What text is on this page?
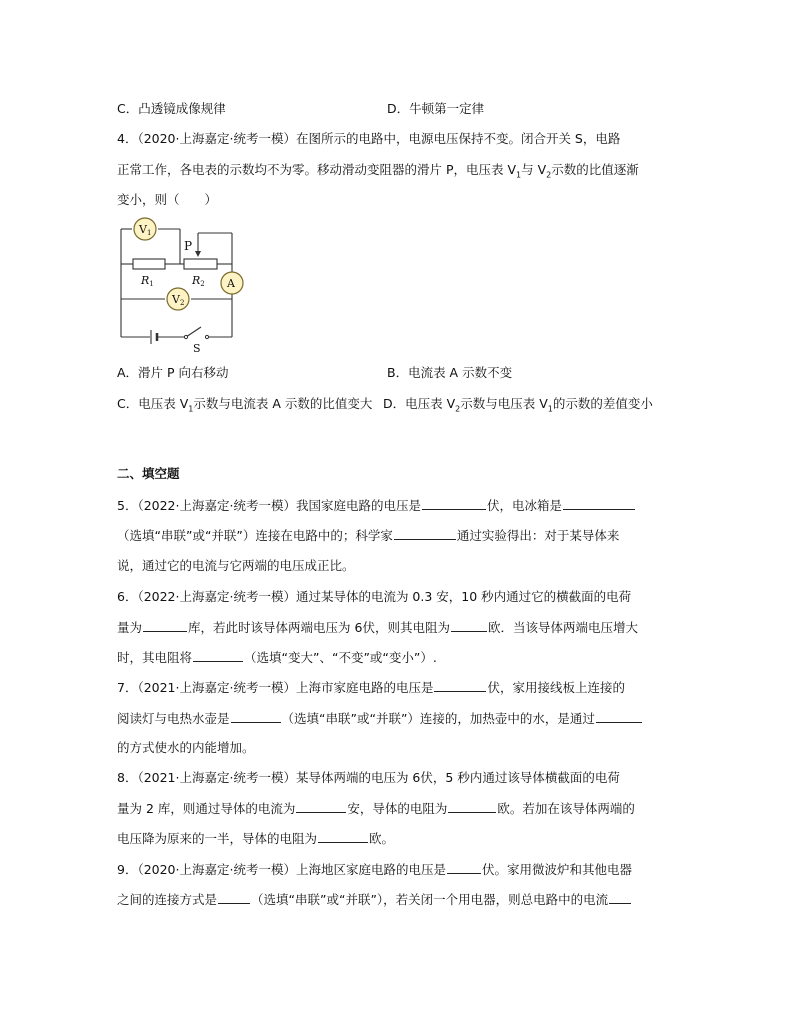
C．凸透镜成像规律	D．牛顿第一定律
4．（2020·上海嘉定·统考一模）在图所示的电路中，电源电压保持不变。闭合开关 S，电路
正常工作，各电表的示数均不为零。移动滑动变阻器的滑片 P，电压表 $V_1$与 $V_2$示数的比值逐渐
变小，则（　　）
V1
V2
A
P
R1	R2
S
A．滑片 P 向右移动	B．电流表 A 示数不变
C．电压表 $V_1$示数与电流表 A 示数的比值变大 D．电压表 $V_2$示数与电压表 $V_1$的示数的差值变小
二、填空题
5．（2022·上海嘉定·统考一模）我国家庭电路的电压是	伏，电冰箱是
（选填“串联”或“并联”）连接在电路中的；科学家	通过实验得出：对于某导体来
说，通过它的电流与它两端的电压成正比。
6．（2022·上海嘉定·统考一模）通过某导体的电流为 0.3 安，10 秒内通过它的横截面的电荷
量为	库，若此时该导体两端电压为 6伏，则其电阻为	欧．当该导体两端电压增大
时，其电阻将	（选填“变大”、“不变”或“变小”）.
7．（2021·上海嘉定·统考一模）上海市家庭电路的电压是	伏，家用接线板上连接的
阅读灯与电热水壶是	（选填“串联”或“并联”）连接的，加热壶中的水，是通过
的方式使水的内能增加。
8．（2021·上海嘉定·统考一模）某导体两端的电压为 6伏，5 秒内通过该导体横截面的电荷
量为 2 库，则通过导体的电流为	安，导体的电阻为	欧。若加在该导体两端的
电压降为原来的一半，导体的电阻为	欧。
9．（2020·上海嘉定·统考一模）上海地区家庭电路的电压是	伏。家用微波炉和其他电器
之间的连接方式是	（选填“串联”或“并联”），若关闭一个用电器，则总电路中的电流
